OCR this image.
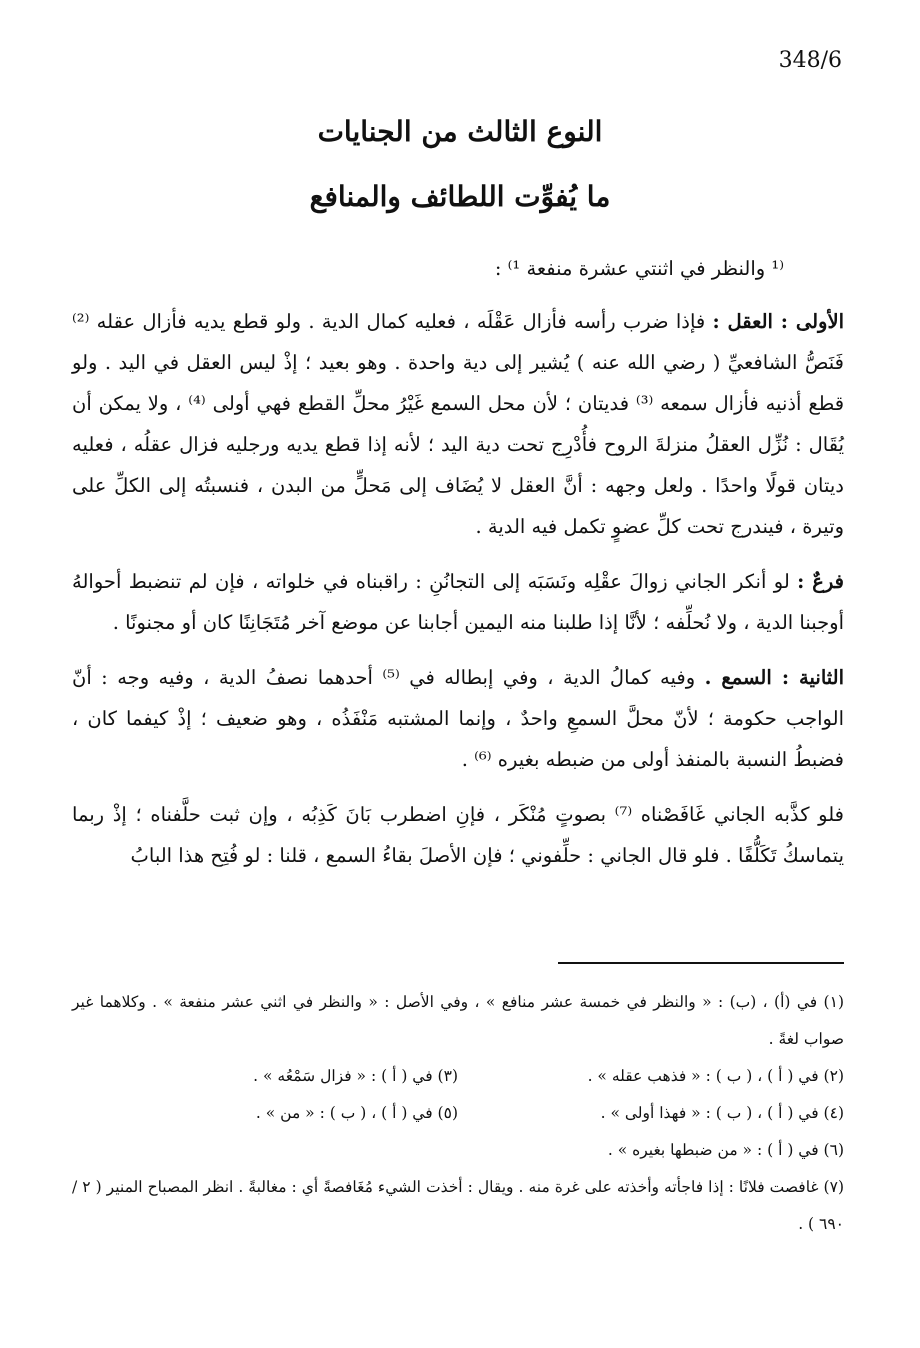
348/6
النوع الثالث من الجنايات
ما يُفوِّت اللطائف والمنافع

⁽¹ والنظر في اثنتي عشرة منفعة ¹⁾ :

الأولى : العقل : فإذا ضرب رأسه فأزال عَقْلَه ، فعليه كمال الدية . ولو قطع يديه فأزال عقله ⁽²⁾ فَنَصُّ الشافعيِّ ( رضي الله عنه ) يُشير إلى دية واحدة . وهو بعيد ؛ إذْ ليس العقل في اليد . ولو قطع أذنيه فأزال سمعه ⁽³⁾ فديتان ؛ لأن محل السمع غَيْرُ محلِّ القطع فهي أولى ⁽⁴⁾ ، ولا يمكن أن يُقَال : نُزِّل العقلُ منزلةَ الروح فأُدْرِج تحت دية اليد ؛ لأنه إذا قطع يديه ورجليه فزال عقلُه ، فعليه ديتان قولًا واحدًا . ولعل وجهه : أنَّ العقل لا يُضَاف إلى مَحلٍّ من البدن ، فنسبتُه إلى الكلِّ على وتيرة ، فيندرج تحت كلِّ عضوٍ تكمل فيه الدية .

فرعٌ : لو أنكر الجاني زوالَ عقْلِه ونَسَبَه إلى التجانُنِ : راقبناه في خلواته ، فإن لم تنضبط أحوالهُ أوجبنا الدية ، ولا نُحلِّفه ؛ لأنَّا إذا طلبنا منه اليمين أجابنا عن موضع آخر مُتَجَانِنًا كان أو مجنونًا .

الثانية : السمع . وفيه كمالُ الدية ، وفي إبطاله في ⁽⁵⁾ أحدهما نصفُ الدية ، وفيه وجه : أنّ الواجب حكومة ؛ لأنّ محلَّ السمعِ واحدٌ ، وإنما المشتبه مَنْفَذُه ، وهو ضعيف ؛ إذْ كيفما كان ، فضبطُ النسبة بالمنفذ أولى من ضبطه بغيره ⁽⁶⁾ .

فلو كذَّبه الجاني غَافَصْناه ⁽⁷⁾ بصوتٍ مُنْكَر ، فإنِ اضطرب بَانَ كَذِبُه ، وإن ثبت حلَّفناه ؛ إذْ ربما يتماسكُ تَكَلُّفًا . فلو قال الجاني : حلِّفوني ؛ فإن الأصلَ بقاءُ السمع ، قلنا : لو فُتِح هذا البابُ

(١) في (أ) ، (ب) : « والنظر في خمسة عشر منافع » ، وفي الأصل : « والنظر في اثني عشر منفعة » . وكلاهما غير صواب لغةً .

(٢) في ( أ ) ، ( ب ) : « فذهب عقله » .
(٣) في ( أ ) : « فزال سَمْعُه » .
(٤) في ( أ ) ، ( ب ) : « فهذا أولى » .
(٥) في ( أ ) ، ( ب ) : « من » .

(٦) في ( أ ) : « من ضبطها بغيره » .

(٧) غافصت فلانًا : إذا فاجأته وأخذته على غرة منه . ويقال : أخذت الشيء مُغَافصةً أي : مغالبةً . انظر المصباح المنير ( ٢ / ٦٩٠ ) .
